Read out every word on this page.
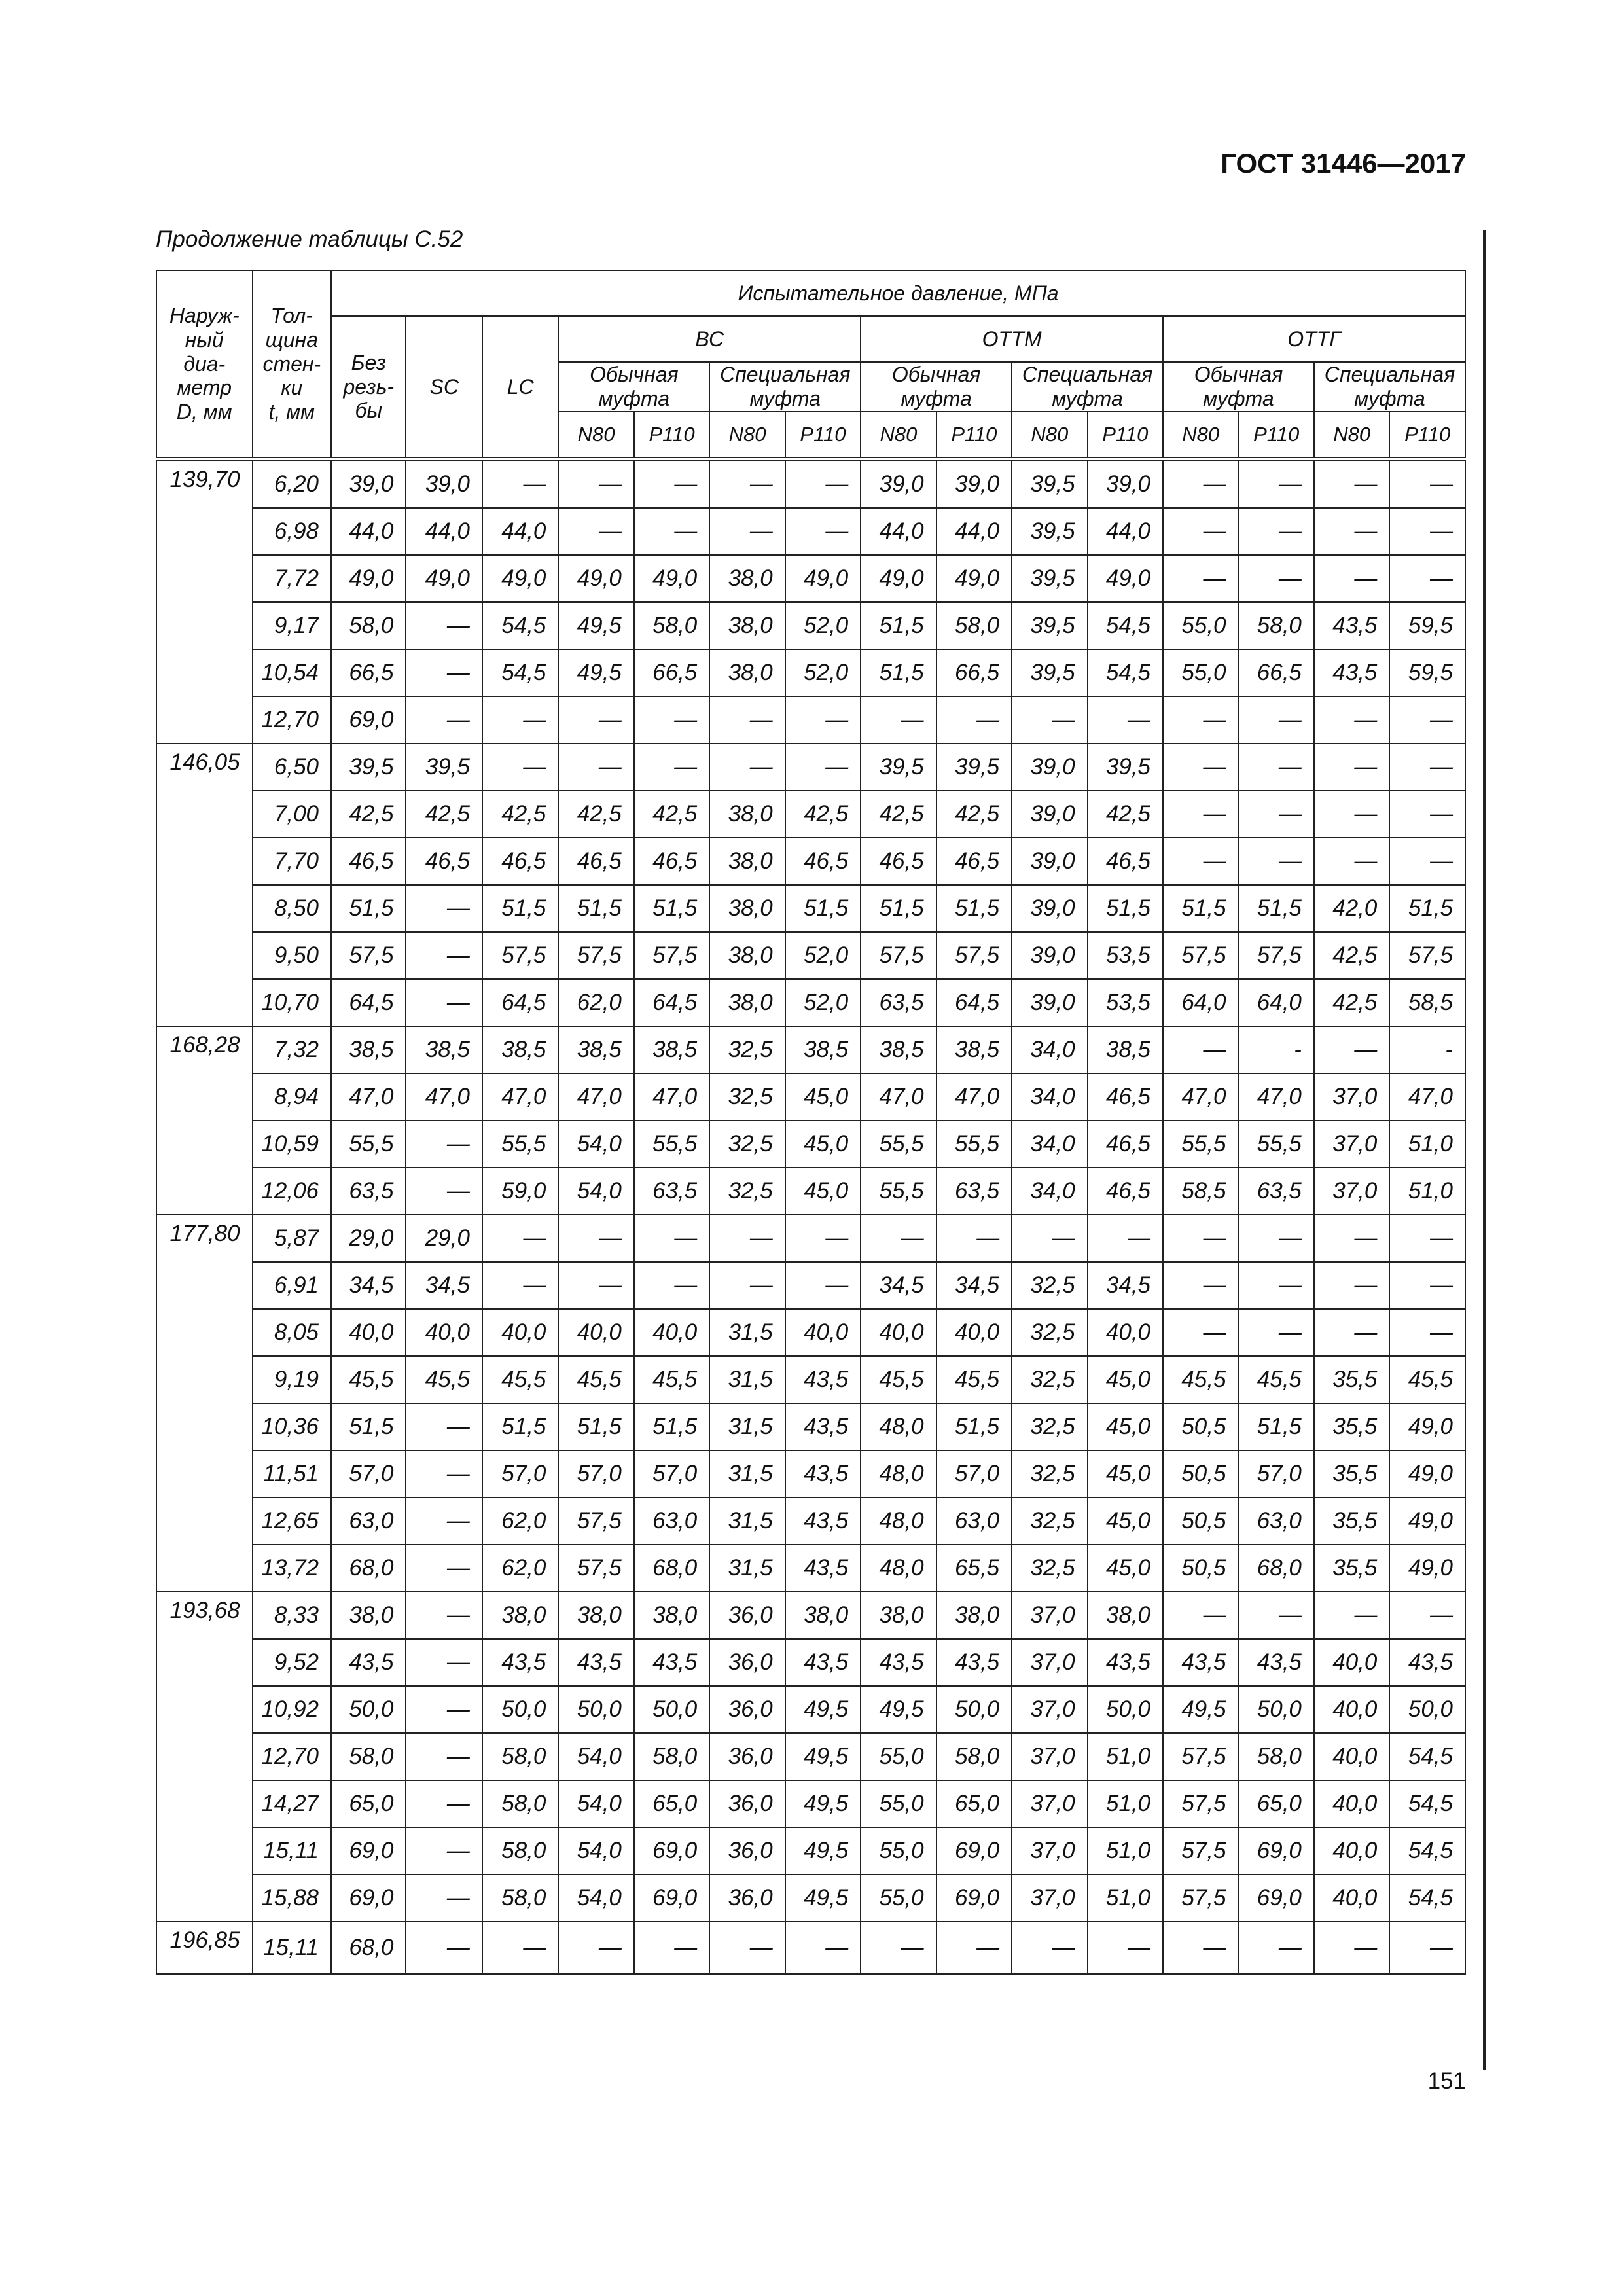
ГОСТ 31446—2017
Продолжение таблицы С.52
Наруж-
ный
диа-
метр
D, мм	Тол-
щина
стен-
ки
t, мм	Испытательное давление, МПа														
		Без
резь-
бы	SC	LC	ВС				ОТТМ				ОТТГ			
					Обычная
муфта		Специальная
муфта		Обычная
муфта		Специальная
муфта		Обычная
муфта		Специальная
муфта	
					N80	P110	N80	P110	N80	P110	N80	P110	N80	P110	N80	P110
139,70	6,20	39,0	39,0	—	—	—	—	—	39,0	39,0	39,5	39,0	—	—	—	—
	6,98	44,0	44,0	44,0	—	—	—	—	44,0	44,0	39,5	44,0	—	—	—	—
	7,72	49,0	49,0	49,0	49,0	49,0	38,0	49,0	49,0	49,0	39,5	49,0	—	—	—	—
	9,17	58,0	—	54,5	49,5	58,0	38,0	52,0	51,5	58,0	39,5	54,5	55,0	58,0	43,5	59,5
	10,54	66,5	—	54,5	49,5	66,5	38,0	52,0	51,5	66,5	39,5	54,5	55,0	66,5	43,5	59,5
	12,70	69,0	—	—	—	—	—	—	—	—	—	—	—	—	—	—
146,05	6,50	39,5	39,5	—	—	—	—	—	39,5	39,5	39,0	39,5	—	—	—	—
	7,00	42,5	42,5	42,5	42,5	42,5	38,0	42,5	42,5	42,5	39,0	42,5	—	—	—	—
	7,70	46,5	46,5	46,5	46,5	46,5	38,0	46,5	46,5	46,5	39,0	46,5	—	—	—	—
	8,50	51,5	—	51,5	51,5	51,5	38,0	51,5	51,5	51,5	39,0	51,5	51,5	51,5	42,0	51,5
	9,50	57,5	—	57,5	57,5	57,5	38,0	52,0	57,5	57,5	39,0	53,5	57,5	57,5	42,5	57,5
	10,70	64,5	—	64,5	62,0	64,5	38,0	52,0	63,5	64,5	39,0	53,5	64,0	64,0	42,5	58,5
168,28	7,32	38,5	38,5	38,5	38,5	38,5	32,5	38,5	38,5	38,5	34,0	38,5	—	-	—	-
	8,94	47,0	47,0	47,0	47,0	47,0	32,5	45,0	47,0	47,0	34,0	46,5	47,0	47,0	37,0	47,0
	10,59	55,5	—	55,5	54,0	55,5	32,5	45,0	55,5	55,5	34,0	46,5	55,5	55,5	37,0	51,0
	12,06	63,5	—	59,0	54,0	63,5	32,5	45,0	55,5	63,5	34,0	46,5	58,5	63,5	37,0	51,0
177,80	5,87	29,0	29,0	—	—	—	—	—	—	—	—	—	—	—	—	—
	6,91	34,5	34,5	—	—	—	—	—	34,5	34,5	32,5	34,5	—	—	—	—
	8,05	40,0	40,0	40,0	40,0	40,0	31,5	40,0	40,0	40,0	32,5	40,0	—	—	—	—
	9,19	45,5	45,5	45,5	45,5	45,5	31,5	43,5	45,5	45,5	32,5	45,0	45,5	45,5	35,5	45,5
	10,36	51,5	—	51,5	51,5	51,5	31,5	43,5	48,0	51,5	32,5	45,0	50,5	51,5	35,5	49,0
	11,51	57,0	—	57,0	57,0	57,0	31,5	43,5	48,0	57,0	32,5	45,0	50,5	57,0	35,5	49,0
	12,65	63,0	—	62,0	57,5	63,0	31,5	43,5	48,0	63,0	32,5	45,0	50,5	63,0	35,5	49,0
	13,72	68,0	—	62,0	57,5	68,0	31,5	43,5	48,0	65,5	32,5	45,0	50,5	68,0	35,5	49,0
193,68	8,33	38,0	—	38,0	38,0	38,0	36,0	38,0	38,0	38,0	37,0	38,0	—	—	—	—
	9,52	43,5	—	43,5	43,5	43,5	36,0	43,5	43,5	43,5	37,0	43,5	43,5	43,5	40,0	43,5
	10,92	50,0	—	50,0	50,0	50,0	36,0	49,5	49,5	50,0	37,0	50,0	49,5	50,0	40,0	50,0
	12,70	58,0	—	58,0	54,0	58,0	36,0	49,5	55,0	58,0	37,0	51,0	57,5	58,0	40,0	54,5
	14,27	65,0	—	58,0	54,0	65,0	36,0	49,5	55,0	65,0	37,0	51,0	57,5	65,0	40,0	54,5
	15,11	69,0	—	58,0	54,0	69,0	36,0	49,5	55,0	69,0	37,0	51,0	57,5	69,0	40,0	54,5
	15,88	69,0	—	58,0	54,0	69,0	36,0	49,5	55,0	69,0	37,0	51,0	57,5	69,0	40,0	54,5
196,85	15,11	68,0	—	—	—	—	—	—	—	—	—	—	—	—	—	—
151
